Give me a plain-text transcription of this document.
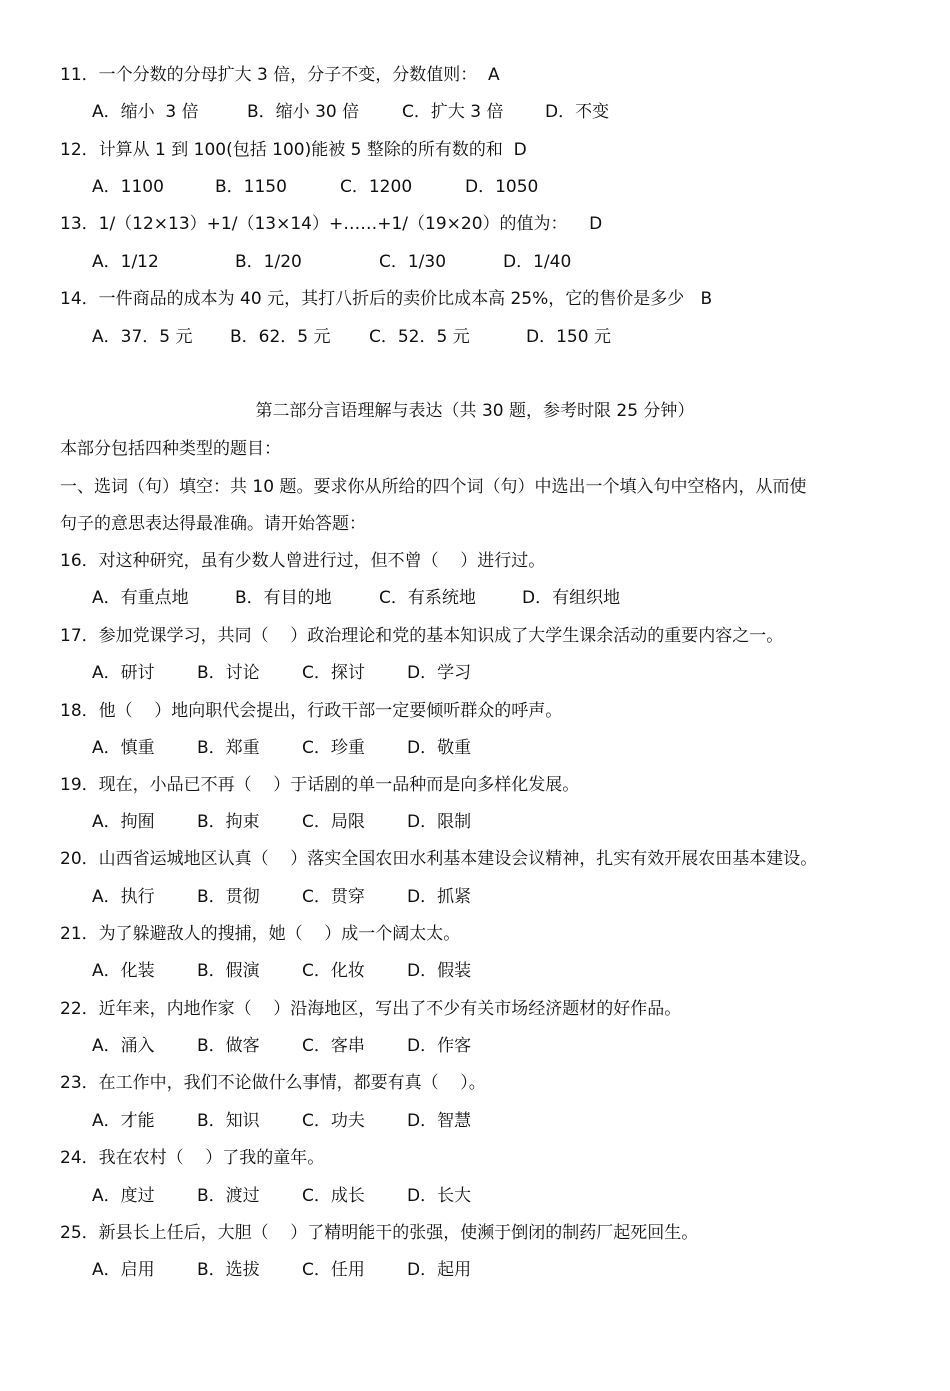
11．一个分数的分母扩大 3 倍，分子不变，分数值则：  A

A．缩小  3 倍

	B．缩小 30 倍

	C．扩大 3 倍

D．不变

12．计算从 1 到 100(包括 100)能被 5 整除的所有数的和  D

A．1100

	B．1150

	C．1200

	D．1050

13．1/（12×13）+1/（13×14）+……+1/（19×20）的值为：    D

A．1/12

	B．1/20

	C．1/30

	D．1/40

14．一件商品的成本为 40 元，其打八折后的卖价比成本高 25%，它的售价是多少   B

A．37．5 元

B．62．5 元

C．52．5 元

	D．150 元

第二部分言语理解与表达（共 30 题，参考时限 25 分钟）
本部分包括四种类型的题目：
一、选词（句）填空：共 10 题。要求你从所给的四个词（句）中选出一个填入句中空格内，从而使
句子的意思表达得最准确。请开始答题：
16．对这种研究，虽有少数人曾进行过，但不曾（    ）进行过。

A．有重点地

	B．有目的地

	C．有系统地

	D．有组织地

17．参加党课学习，共同（    ）政治理论和党的基本知识成了大学生课余活动的重要内容之一。

A．研讨

B．讨论

C．探讨

D．学习

18．他（    ）地向职代会提出，行政干部一定要倾听群众的呼声。

A．慎重

B．郑重

C．珍重

D．敬重

19．现在，小品已不再（    ）于话剧的单一品种而是向多样化发展。

A．拘囿

B．拘束

C．局限

D．限制

20．山西省运城地区认真（    ）落实全国农田水利基本建设会议精神，扎实有效开展农田基本建设。

A．执行

B．贯彻

C．贯穿

D．抓紧

21．为了躲避敌人的搜捕，她（    ）成一个阔太太。

A．化装

B．假演

C．化妆

D．假装

22．近年来，内地作家（    ）沿海地区，写出了不少有关市场经济题材的好作品。

A．涌入

B．做客

C．客串

D．作客

23．在工作中，我们不论做什么事情，都要有真（    ）。

A．才能

B．知识

C．功夫

D．智慧

24．我在农村（    ）了我的童年。

A．度过

B．渡过

C．成长

D．长大

25．新县长上任后，大胆（    ）了精明能干的张强，使濒于倒闭的制药厂起死回生。

A．启用

B．选拔

C．任用

D．起用
